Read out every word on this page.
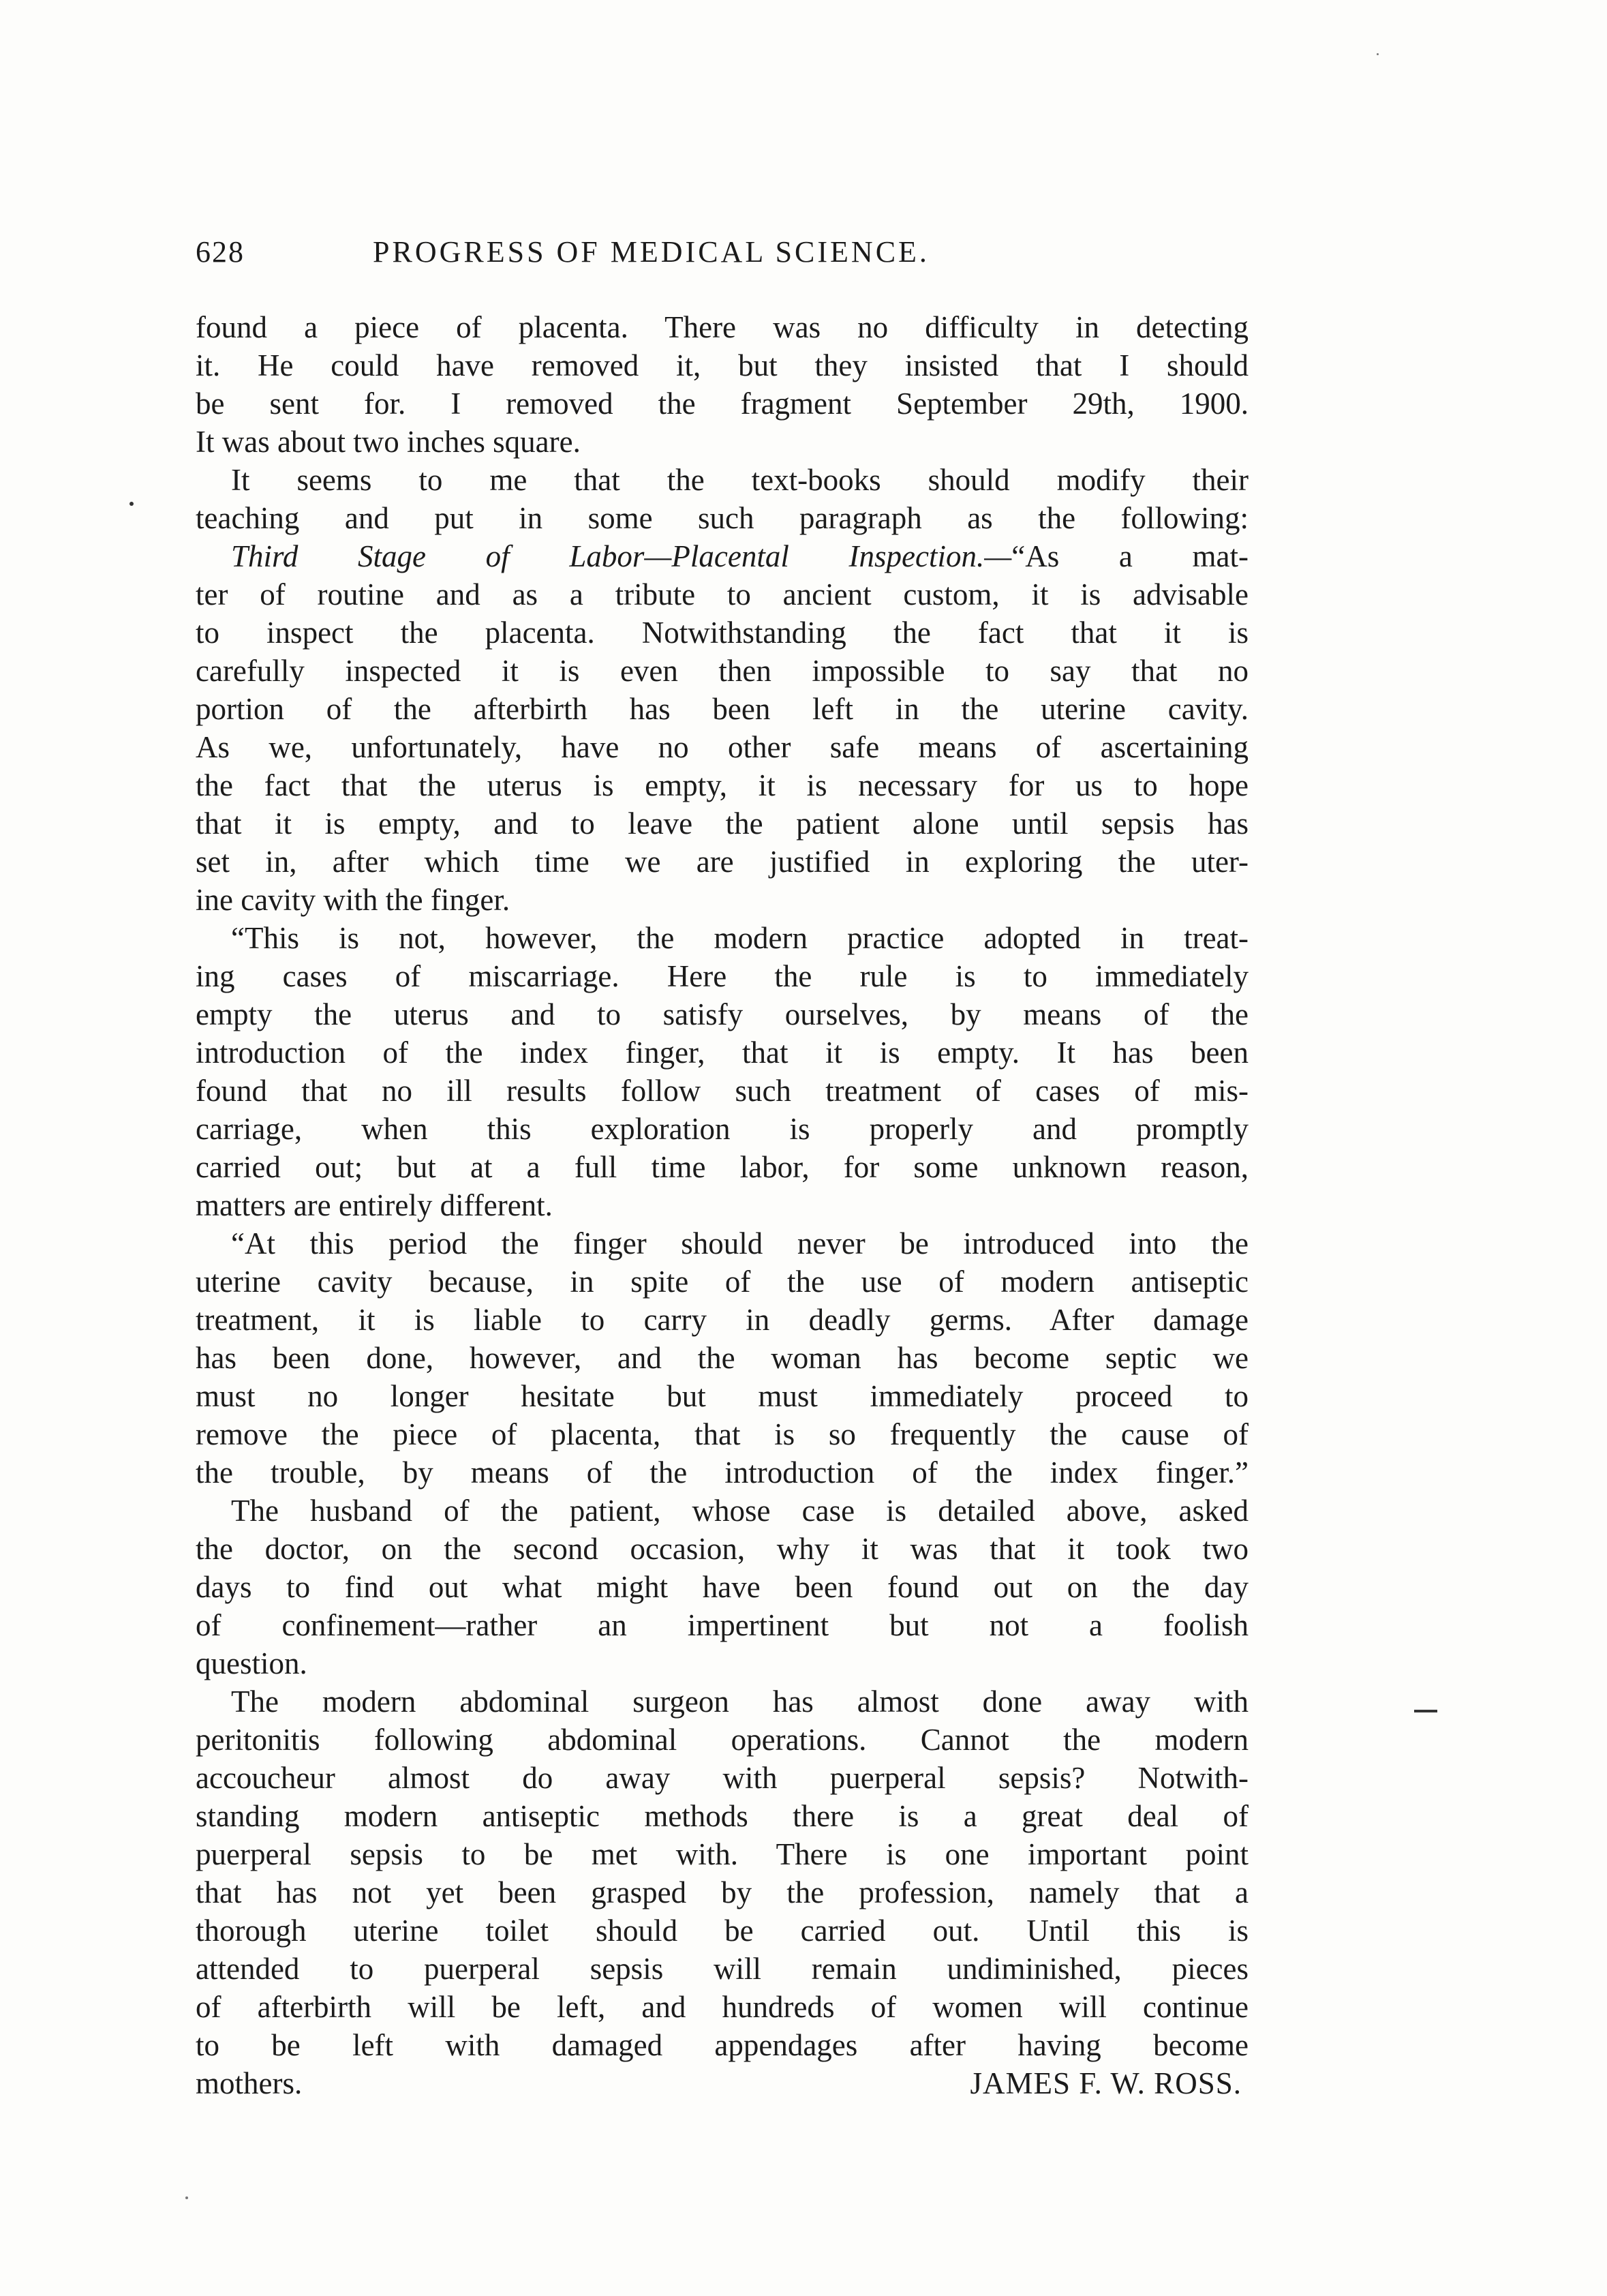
628	PROGRESS OF MEDICAL SCIENCE.
found a piece of placenta. There was no difficulty in detecting
it. He could have removed it, but they insisted that I should
be sent for. I removed the fragment September 29th, 1900.
It was about two inches square.
It seems to me that the text-books should modify their
teaching and put in some such paragraph as the following:
Third Stage of Labor—Placental Inspection.—“As a mat-
ter of routine and as a tribute to ancient custom, it is advisable
to inspect the placenta. Notwithstanding the fact that it is
carefully inspected it is even then impossible to say that no
portion of the afterbirth has been left in the uterine cavity.
As we, unfortunately, have no other safe means of ascertaining
the fact that the uterus is empty, it is necessary for us to hope
that it is empty, and to leave the patient alone until sepsis has
set in, after which time we are justified in exploring the uter-
ine cavity with the finger.
“This is not, however, the modern practice adopted in treat-
ing cases of miscarriage. Here the rule is to immediately
empty the uterus and to satisfy ourselves, by means of the
introduction of the index finger, that it is empty. It has been
found that no ill results follow such treatment of cases of mis-
carriage, when this exploration is properly and promptly
carried out; but at a full time labor, for some unknown reason,
matters are entirely different.
“At this period the finger should never be introduced into the
uterine cavity because, in spite of the use of modern antiseptic
treatment, it is liable to carry in deadly germs. After damage
has been done, however, and the woman has become septic we
must no longer hesitate but must immediately proceed to
remove the piece of placenta, that is so frequently the cause of
the trouble, by means of the introduction of the index finger.”
The husband of the patient, whose case is detailed above, asked
the doctor, on the second occasion, why it was that it took two
days to find out what might have been found out on the day
of confinement—rather an impertinent but not a foolish
question.
The modern abdominal surgeon has almost done away with
peritonitis following abdominal operations. Cannot the modern
accoucheur almost do away with puerperal sepsis? Notwith-
standing modern antiseptic methods there is a great deal of
puerperal sepsis to be met with. There is one important point
that has not yet been grasped by the profession, namely that a
thorough uterine toilet should be carried out. Until this is
attended to puerperal sepsis will remain undiminished, pieces
of afterbirth will be left, and hundreds of women will continue
to be left with damaged appendages after having become
mothers.	JAMES F. W. ROSS.
